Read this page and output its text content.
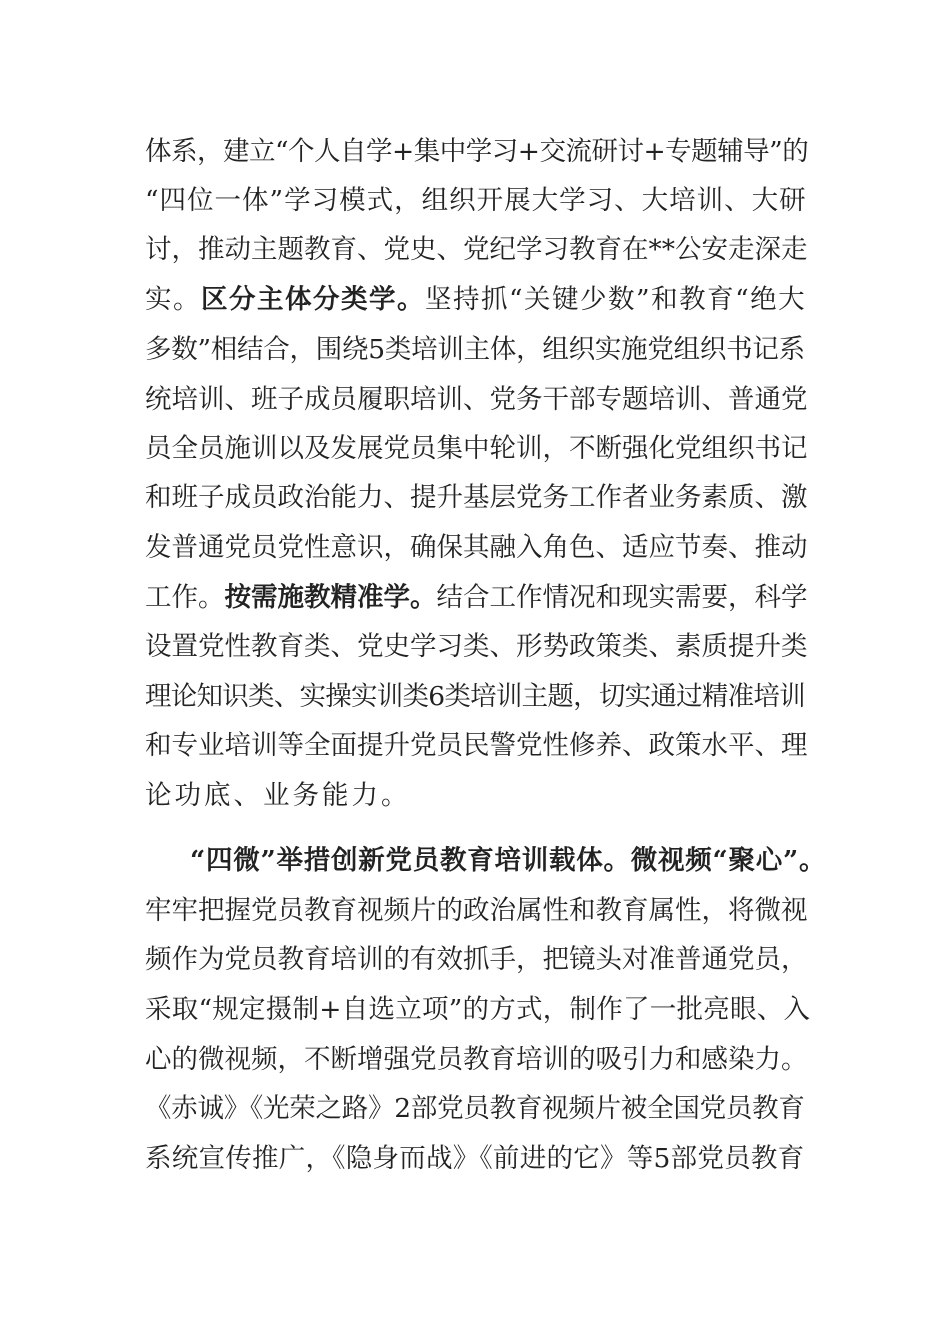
体系，建立“个人自学+集中学习+交流研讨+专题辅导”的
“四位一体”学习模式，组织开展大学习、大培训、大研
讨，推动主题教育、党史、党纪学习教育在**公安走深走
实。区分主体分类学。坚持抓“关键少数”和教育“绝大
多数”相结合，围绕5类培训主体，组织实施党组织书记系
统培训、班子成员履职培训、党务干部专题培训、普通党
员全员施训以及发展党员集中轮训，不断强化党组织书记
和班子成员政治能力、提升基层党务工作者业务素质、激
发普通党员党性意识，确保其融入角色、适应节奏、推动
工作。按需施教精准学。结合工作情况和现实需要，科学
设置党性教育类、党史学习类、形势政策类、素质提升类
理论知识类、实操实训类6类培训主题，切实通过精准培训
和专业培训等全面提升党员民警党性修养、政策水平、理
论功底、业务能力。
“四微”举措创新党员教育培训载体。微视频“聚心”。
牢牢把握党员教育视频片的政治属性和教育属性，将微视
频作为党员教育培训的有效抓手，把镜头对准普通党员，
采取“规定摄制+自选立项”的方式，制作了一批亮眼、入
心的微视频，不断增强党员教育培训的吸引力和感染力。
《赤诚》《光荣之路》2部党员教育视频片被全国党员教育
系统宣传推广，《隐身而战》《前进的它》等5部党员教育
